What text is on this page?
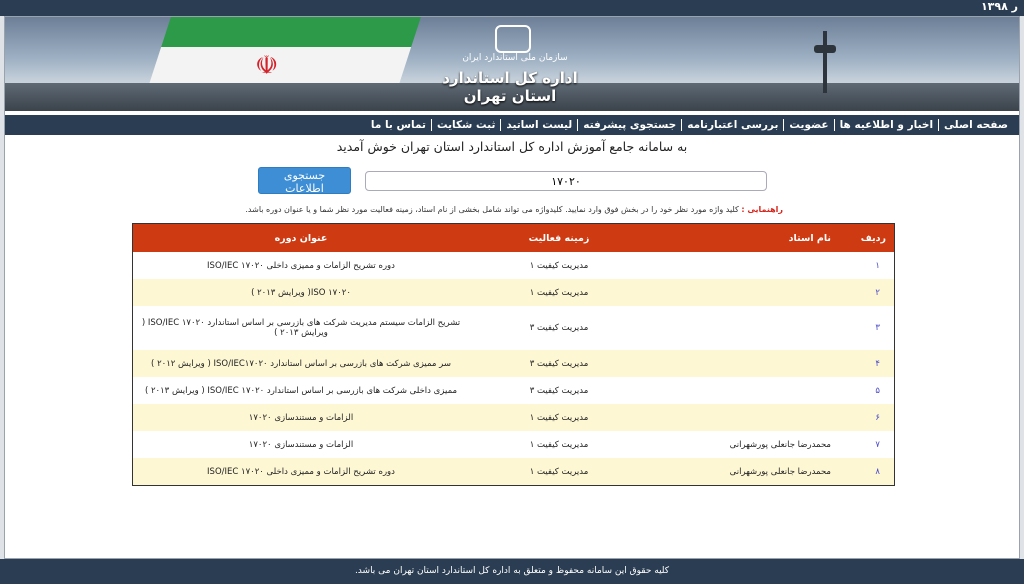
ر ۱۳۹۸
☫	سازمان ملی استاندارد ایران
اداره کل استاندارد استان تهران
صفحه اصلی
اخبار و اطلاعیه ها
عضویت
بررسی اعتبارنامه
جستجوی پیشرفته
لیست اساتید
ثبت شکایت
تماس با ما
به سامانه جامع آموزش اداره کل استاندارد استان تهران خوش آمدید
۱۷۰۲۰
جستجوی اطلاعات
راهنمایی : کلید واژه مورد نظر خود را در بخش فوق وارد نمایید. کلیدواژه می تواند شامل بخشی از نام استاد، زمینه فعالیت مورد نظر شما و یا عنوان دوره باشد.
ردیف	نام استاد	زمینه فعالیت	عنوان دوره
۱		مدیریت کیفیت ۱	دوره تشریح الزامات و ممیزی داخلی ISO/IEC ۱۷۰۲۰
۲		مدیریت کیفیت ۱	ISO ۱۷۰۲۰( ویرایش ۲۰۱۳ )
۳		مدیریت کیفیت ۳	تشریح الزامات سیستم مدیریت شرکت های بازرسی بر اساس استاندارد ISO/IEC ۱۷۰۲۰ ( ویرایش ۲۰۱۳ )
۴		مدیریت کیفیت ۳	سر ممیزی شرکت های بازرسی بر اساس استاندارد ISO/IEC۱۷۰۲۰ ( ویرایش ۲۰۱۲ )
۵		مدیریت کیفیت ۳	ممیزی داخلی شرکت های بازرسی بر اساس استاندارد ISO/IEC ۱۷۰۲۰ ( ویرایش ۲۰۱۳ )
۶		مدیریت کیفیت ۱	الزامات و مستندسازی ۱۷۰۲۰
۷	محمدرضا جانعلی پورشهرانی	مدیریت کیفیت ۱	الزامات و مستندسازی ۱۷۰۲۰
۸	محمدرضا جانعلی پورشهرانی	مدیریت کیفیت ۱	دوره تشریح الزامات و ممیزی داخلی ISO/IEC ۱۷۰۲۰
کلیه حقوق این سامانه محفوظ و متعلق به اداره کل استاندارد استان تهران می باشد.
